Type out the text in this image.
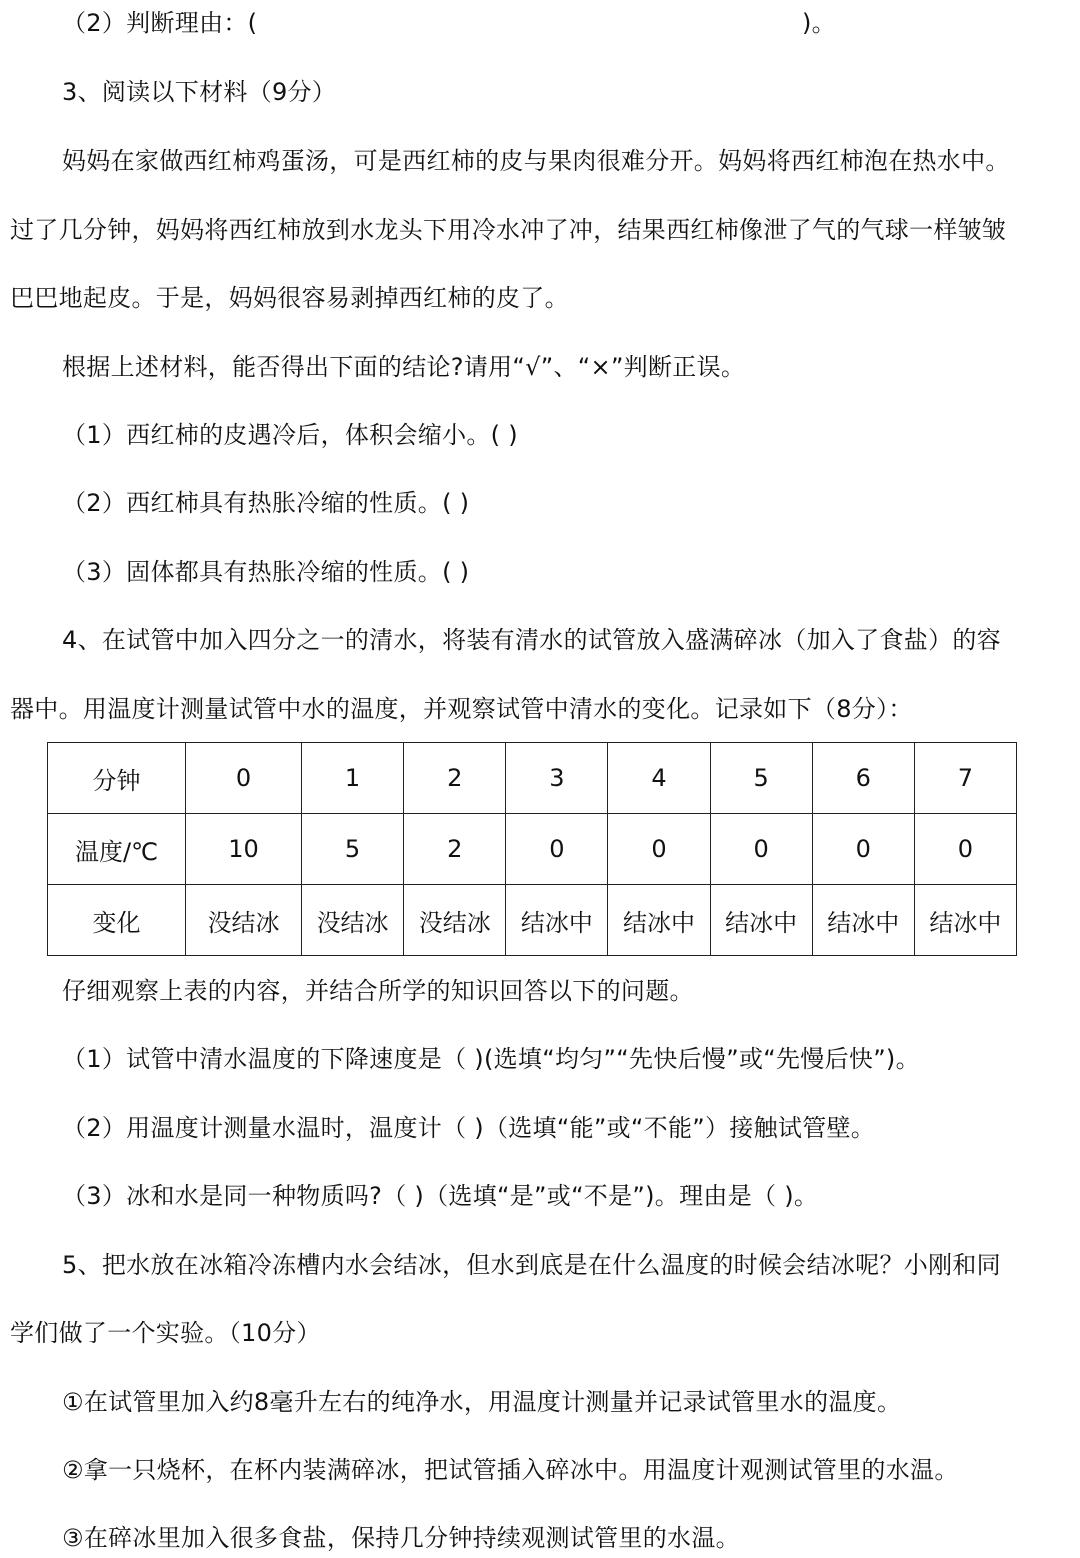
（2）判断理由：(	)。
3、阅读以下材料（9分）
妈妈在家做西红柿鸡蛋汤，可是西红柿的皮与果肉很难分开。妈妈将西红柿泡在热水中。
过了几分钟，妈妈将西红柿放到水龙头下用冷水冲了冲，结果西红柿像泄了气的气球一样皱皱
巴巴地起皮。于是，妈妈很容易剥掉西红柿的皮了。
根据上述材料，能否得出下面的结论?请用“√”、“×”判断正误。
（1）西红柿的皮遇冷后，体积会缩小。( )
（2）西红柿具有热胀冷缩的性质。( )
（3）固体都具有热胀冷缩的性质。( )
4、在试管中加入四分之一的清水，将装有清水的试管放入盛满碎冰（加入了食盐）的容
器中。用温度计测量试管中水的温度，并观察试管中清水的变化。记录如下（8分）：
分钟	0	1	2	3	4	5	6	7
温度/℃	10	5	2	0	0	0	0	0
变化	没结冰	没结冰	没结冰	结冰中	结冰中	结冰中	结冰中	结冰中
仔细观察上表的内容，并结合所学的知识回答以下的问题。
（1）试管中清水温度的下降速度是（ )(选填“均匀”“先快后慢”或“先慢后快”)。
（2）用温度计测量水温时，温度计（ )（选填“能”或“不能”）接触试管壁。
（3）冰和水是同一种物质吗?（ )（选填“是”或“不是”)。理由是（ )。
5、把水放在冰箱冷冻槽内水会结冰，但水到底是在什么温度的时候会结冰呢？小刚和同
学们做了一个实验。（10分）
①在试管里加入约8毫升左右的纯净水，用温度计测量并记录试管里水的温度。
②拿一只烧杯，在杯内装满碎冰，把试管插入碎冰中。用温度计观测试管里的水温。
③在碎冰里加入很多食盐，保持几分钟持续观测试管里的水温。
